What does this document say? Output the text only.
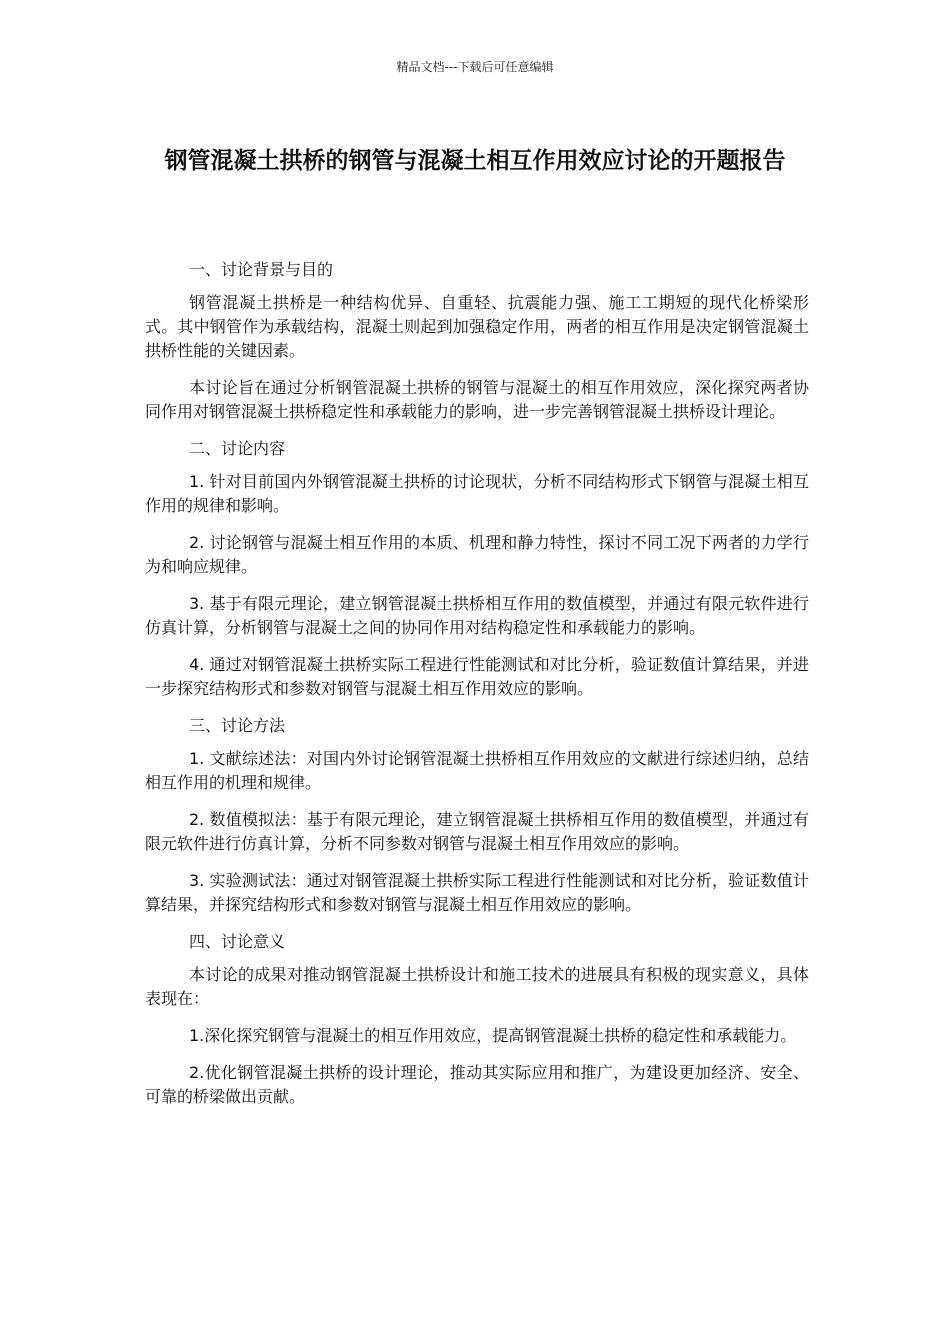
精品文档---下载后可任意编辑
钢管混凝土拱桥的钢管与混凝土相互作用效应讨论的开题报告

一、讨论背景与目的

钢管混凝土拱桥是一种结构优异、自重轻、抗震能力强、施工工期短的现代化桥梁形式。其中钢管作为承载结构，混凝土则起到加强稳定作用，两者的相互作用是决定钢管混凝土拱桥性能的关键因素。

本讨论旨在通过分析钢管混凝土拱桥的钢管与混凝土的相互作用效应，深化探究两者协同作用对钢管混凝土拱桥稳定性和承载能力的影响，进一步完善钢管混凝土拱桥设计理论。

二、讨论内容

1. 针对目前国内外钢管混凝土拱桥的讨论现状，分析不同结构形式下钢管与混凝土相互作用的规律和影响。

2. 讨论钢管与混凝土相互作用的本质、机理和静力特性，探讨不同工况下两者的力学行为和响应规律。

3. 基于有限元理论，建立钢管混凝土拱桥相互作用的数值模型，并通过有限元软件进行仿真计算，分析钢管与混凝土之间的协同作用对结构稳定性和承载能力的影响。

4. 通过对钢管混凝土拱桥实际工程进行性能测试和对比分析，验证数值计算结果，并进一步探究结构形式和参数对钢管与混凝土相互作用效应的影响。

三、讨论方法

1. 文献综述法：对国内外讨论钢管混凝土拱桥相互作用效应的文献进行综述归纳，总结相互作用的机理和规律。

2. 数值模拟法：基于有限元理论，建立钢管混凝土拱桥相互作用的数值模型，并通过有限元软件进行仿真计算，分析不同参数对钢管与混凝土相互作用效应的影响。

3. 实验测试法：通过对钢管混凝土拱桥实际工程进行性能测试和对比分析，验证数值计算结果，并探究结构形式和参数对钢管与混凝土相互作用效应的影响。

四、讨论意义

本讨论的成果对推动钢管混凝土拱桥设计和施工技术的进展具有积极的现实意义，具体表现在：

1.深化探究钢管与混凝土的相互作用效应，提高钢管混凝土拱桥的稳定性和承载能力。

2.优化钢管混凝土拱桥的设计理论，推动其实际应用和推广，为建设更加经济、安全、可靠的桥梁做出贡献。
